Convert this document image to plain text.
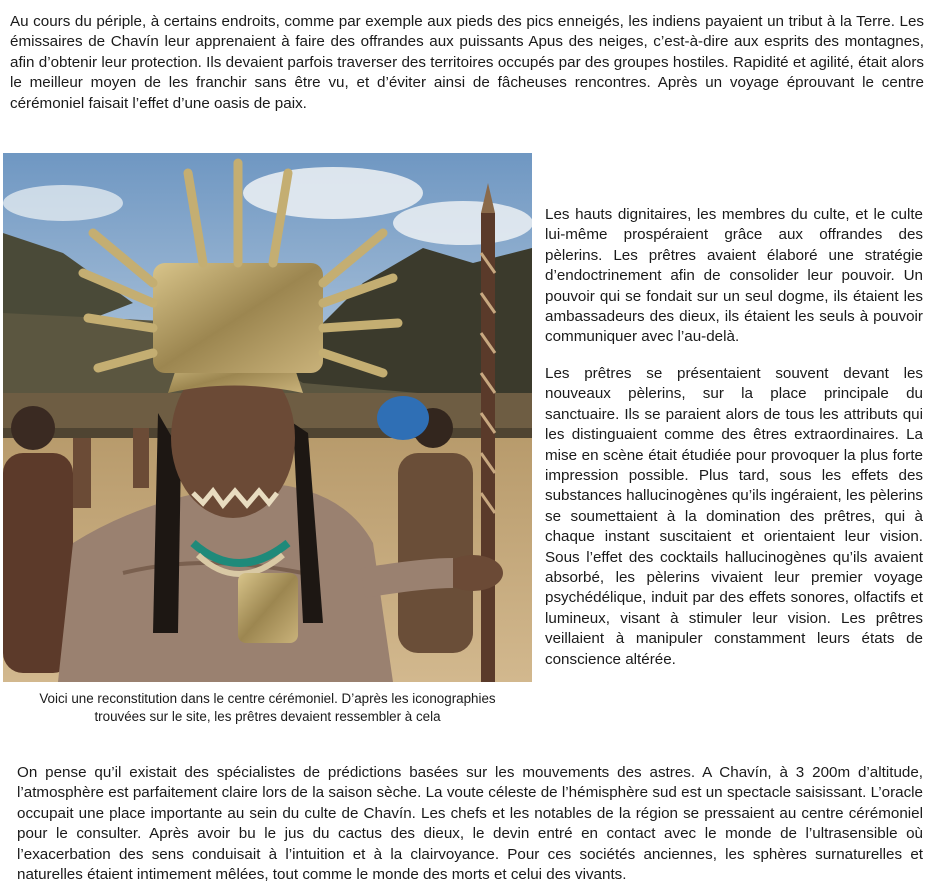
Au cours du périple, à certains endroits, comme par exemple aux pieds des pics enneigés, les indiens payaient un tribut à la Terre. Les émissaires de Chavín leur apprenaient à faire des offrandes aux puissants Apus des neiges, c’est-à-dire aux esprits des montagnes, afin d’obtenir leur protection. Ils devaient parfois traverser des territoires occupés par des groupes hostiles. Rapidité et agilité, était alors le meilleur moyen de les franchir sans être vu, et d’éviter ainsi de fâcheuses rencontres. Après un voyage éprouvant le centre cérémoniel faisait l’effet d’une oasis de paix.

Voici une reconstitution dans le centre cérémoniel. D’après les iconographies
trouvées sur le site, les prêtres devaient ressembler à cela

Les hauts dignitaires, les membres du culte, et le culte lui-même prospéraient grâce aux offrandes des pèlerins. Les prêtres avaient élaboré une stratégie d’endoctrinement afin de consolider leur pouvoir. Un pouvoir qui se fondait sur un seul dogme, ils étaient les ambassadeurs des dieux, ils étaient les seuls à pouvoir communiquer avec l’au-delà.

Les prêtres se présentaient souvent devant les nouveaux pèlerins, sur la place principale du sanctuaire. Ils se paraient alors de tous les attributs qui les distinguaient comme des êtres extraordinaires. La mise en scène était étudiée pour provoquer la plus forte impression possible. Plus tard, sous les effets des substances hallucinogènes qu’ils ingéraient, les pèlerins se soumettaient à la domination des prêtres, qui à chaque instant suscitaient et orientaient leur vision. Sous l’effet des cocktails hallucinogènes qu’ils avaient absorbé, les pèlerins vivaient leur premier voyage psychédélique, induit par des effets sonores, olfactifs et lumineux, visant à stimuler leur vision. Les prêtres veillaient à manipuler constamment leurs états de conscience altérée.

On pense qu’il existait des spécialistes de prédictions basées sur les mouvements des astres. A Chavín, à 3 200m d’altitude, l’atmosphère est parfaitement claire lors de la saison sèche. La voute céleste de l’hémisphère sud est un spectacle saisissant. L’oracle occupait une place importante au sein du culte de Chavín. Les chefs et les notables de la région se pressaient au centre cérémoniel pour le consulter. Après avoir bu le jus du cactus des dieux, le devin entré en contact avec le monde de l’ultrasensible où l’exacerbation des sens conduisait à l’intuition et à la clairvoyance. Pour ces sociétés anciennes, les sphères surnaturelles et naturelles étaient intimement mêlées, tout comme le monde des morts et celui des vivants.
